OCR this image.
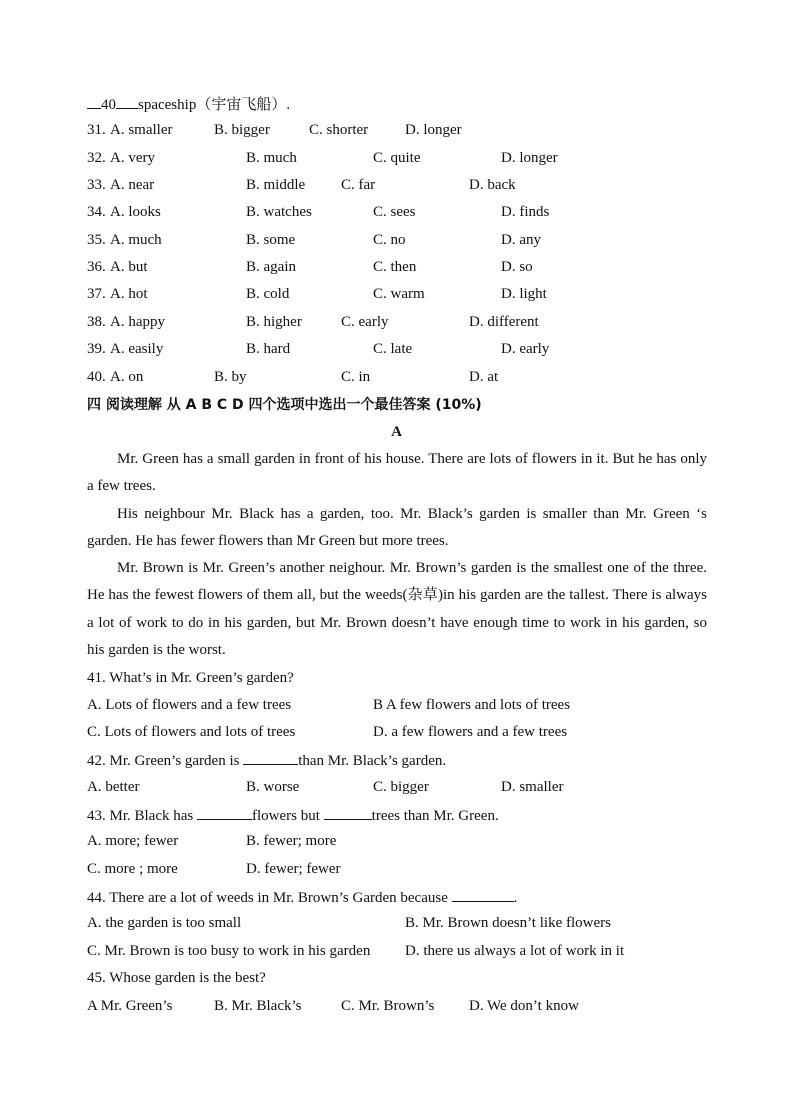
40 spaceship（宇宙飞船）.
31. A. smaller	B. bigger	C. shorter D. longer
32. A. very	B. much	C. quite	D. longer
33. A. near	B. middle C. far	D. back
34. A. looks	B. watches	C. sees	D. finds
35. A. much	B. some	C. no	D. any
36. A. but	B. again	C. then	D. so
37. A. hot	B. cold	C. warm	D. light
38. A. happy	B. higher	C. early	D. different
39. A. easily	B. hard	C. late	D. early
40. A. on	B. by	C. in	D. at
四 阅读理解 从 A B C D 四个选项中选出一个最佳答案 (10%)
A
Mr. Green has a small garden in front of his house. There are lots of flowers in it. But he has only a few trees.
His neighbour Mr. Black has a garden, too. Mr. Black’s garden is smaller than Mr. Green ‘s garden. He has fewer flowers than Mr Green but more trees.
Mr. Brown is Mr. Green’s another neighour. Mr. Brown’s garden is the smallest one of the three. He has the fewest flowers of them all, but the weeds(杂草)in his garden are the tallest. There is always a lot of work to do in his garden, but Mr. Brown doesn’t have enough time to work in his garden, so his garden is the worst.
41. What’s in Mr. Green’s garden?
A. Lots of flowers and a few trees	B A few flowers and lots of trees
C. Lots of flowers and lots of trees	D. a few flowers and a few trees
42. Mr. Green’s garden is	than Mr. Black’s garden.
A. better	B. worse	C. bigger	D. smaller
43. Mr. Black has	flowers but	trees than Mr. Green.
A. more; fewer	B. fewer; more
C. more ; more	D. fewer; fewer
44. There are a lot of weeds in Mr. Brown’s Garden because	.
A. the garden is too small	B. Mr. Brown doesn’t like flowers
C. Mr. Brown is too busy to work in his garden D. there us always a lot of work in it
45. Whose garden is the best?
A Mr. Green’s	B. Mr. Black’s	C. Mr. Brown’s D. We don’t know
